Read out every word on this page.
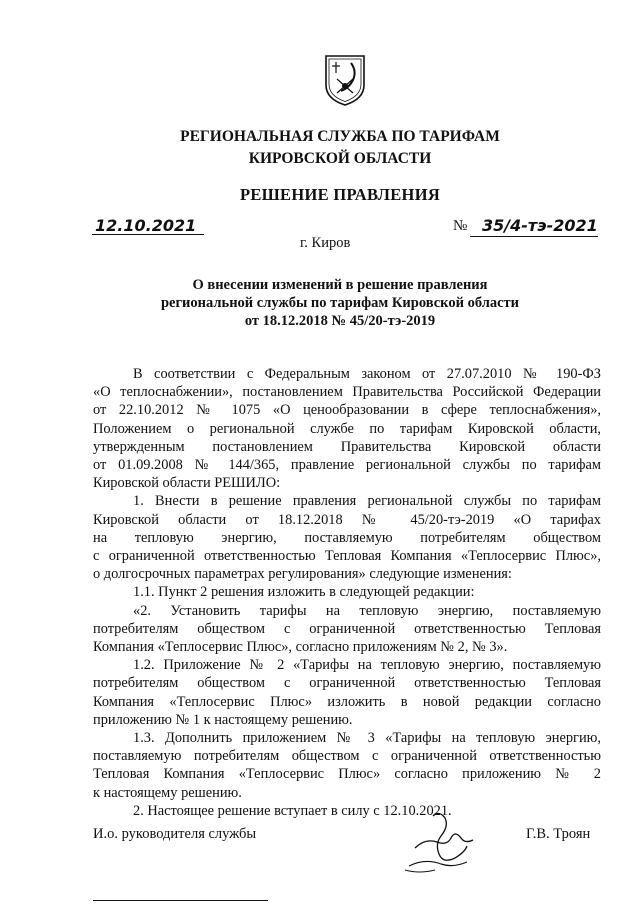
РЕГИОНАЛЬНАЯ СЛУЖБА ПО ТАРИФАМ
КИРОВСКОЙ ОБЛАСТИ
РЕШЕНИЕ ПРАВЛЕНИЯ
12.10.2021	№ 35/4-тэ-2021
г. Киров
О внесении изменений в решение правления
региональной службы по тарифам Кировской области
от 18.12.2018 № 45/20-тэ-2019

В соответствии с Федеральным законом от 27.07.2010 № 190-ФЗ

«О теплоснабжении», постановлением Правительства Российской Федерации

от 22.10.2012 № 1075 «О ценообразовании в сфере теплоснабжения»,

Положением о региональной службе по тарифам Кировской области,

утвержденным постановлением Правительства Кировской области

от 01.09.2008 № 144/365, правление региональной службы по тарифам

Кировской области РЕШИЛО:

1. Внести в решение правления региональной службы по тарифам

Кировской области от 18.12.2018 № 45/20-тэ-2019 «О тарифах

на тепловую энергию, поставляемую потребителям обществом

с ограниченной ответственностью Тепловая Компания «Теплосервис Плюс»,

о долгосрочных параметрах регулирования» следующие изменения:

1.1. Пункт 2 решения изложить в следующей редакции:

«2. Установить тарифы на тепловую энергию, поставляемую

потребителям обществом с ограниченной ответственностью Тепловая

Компания «Теплосервис Плюс», согласно приложениям № 2, № 3».

1.2. Приложение № 2 «Тарифы на тепловую энергию, поставляемую

потребителям обществом с ограниченной ответственностью Тепловая

Компания «Теплосервис Плюс» изложить в новой редакции согласно

приложению № 1 к настоящему решению.

1.3. Дополнить приложением № 3 «Тарифы на тепловую энергию,

поставляемую потребителям обществом с ограниченной ответственностью

Тепловая Компания «Теплосервис Плюс» согласно приложению № 2

к настоящему решению.

2. Настоящее решение вступает в силу с 12.10.2021.

И.о. руководителя службы	Г.В. Троян
